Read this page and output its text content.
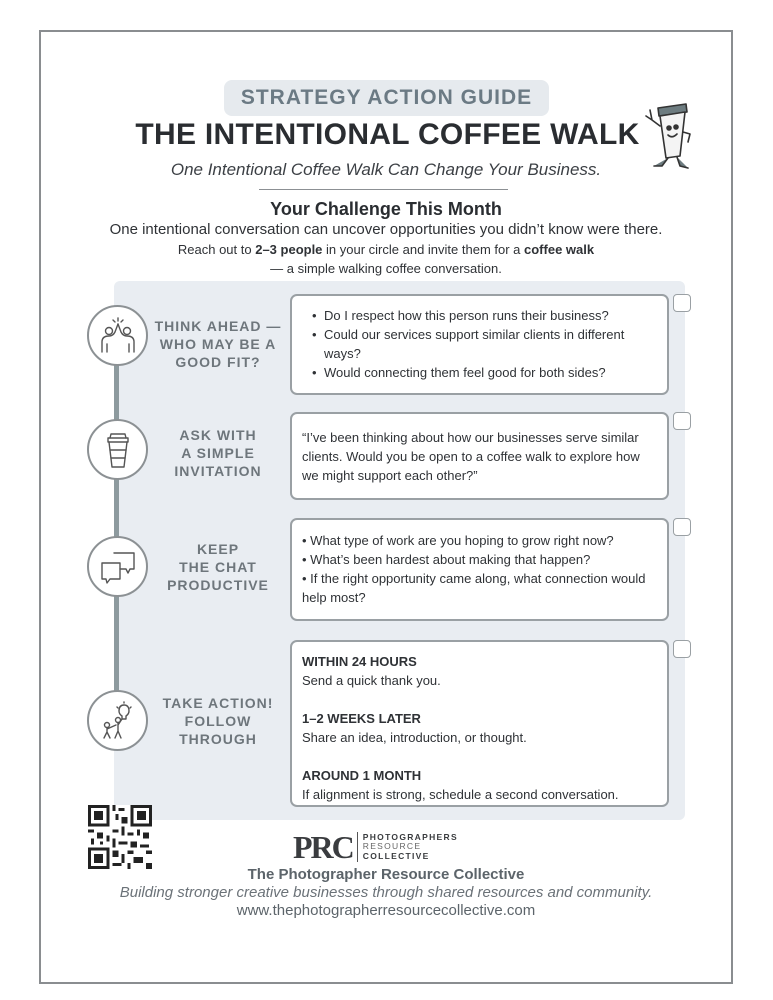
STRATEGY ACTION GUIDE
THE INTENTIONAL COFFEE WALK
One Intentional Coffee Walk Can Change Your Business.
Your Challenge This Month
One intentional conversation can uncover opportunities you didn’t know were there.
Reach out to 2–3 people in your circle and invite them for a coffee walk
— a simple walking coffee conversation.
THINK AHEAD —
WHO MAY BE A
GOOD FIT?
• Do I respect how this person runs their business?
• Could our services support similar clients in different ways?
• Would connecting them feel good for both sides?
ASK WITH
A SIMPLE
INVITATION
“I’ve been thinking about how our businesses serve similar clients. Would you be open to a coffee walk to explore how we might support each other?”
KEEP
THE CHAT
PRODUCTIVE
• What type of work are you hoping to grow right now?
• What’s been hardest about making that happen?
• If the right opportunity came along, what connection would help most?
TAKE ACTION!
FOLLOW
THROUGH
WITHIN 24 HOURS
Send a quick thank you.
1–2 WEEKS LATER
Share an idea, introduction, or thought.
AROUND 1 MONTH
If alignment is strong, schedule a second conversation.
PRC	PHOTOGRAPHERS
RESOURCE
COLLECTIVE
The Photographer Resource Collective
Building stronger creative businesses through shared resources and community.
www.thephotographerresourcecollective.com
